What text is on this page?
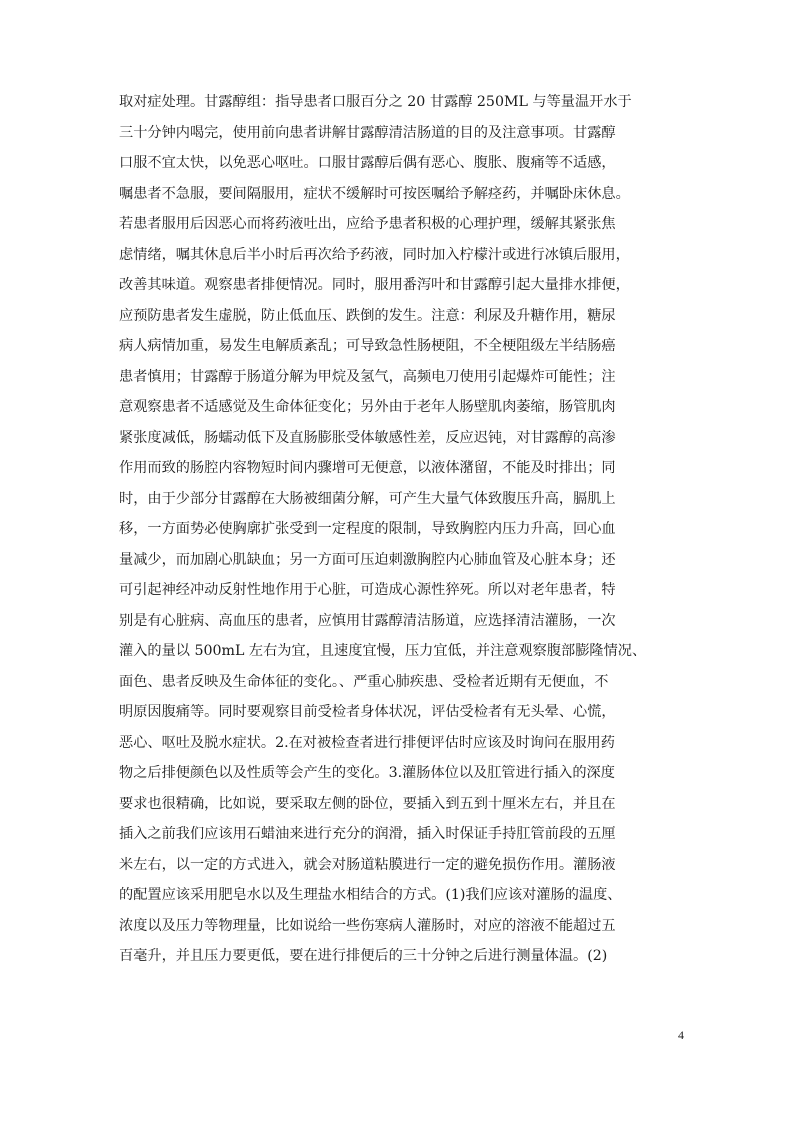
取对症处理。甘露醇组：指导患者口服百分之 20 甘露醇 250ML 与等量温开水于
三十分钟内喝完，使用前向患者讲解甘露醇清洁肠道的目的及注意事项。甘露醇
口服不宜太快，以免恶心呕吐。口服甘露醇后偶有恶心、腹胀、腹痛等不适感，
嘱患者不急服，要间隔服用，症状不缓解时可按医嘱给予解痉药，并嘱卧床休息。
若患者服用后因恶心而将药液吐出，应给予患者积极的心理护理，缓解其紧张焦
虑情绪，嘱其休息后半小时后再次给予药液，同时加入柠檬汁或进行冰镇后服用，
改善其味道。观察患者排便情况。同时，服用番泻叶和甘露醇引起大量排水排便，
应预防患者发生虚脱，防止低血压、跌倒的发生。注意：利尿及升糖作用，糖尿
病人病情加重，易发生电解质紊乱；可导致急性肠梗阻，不全梗阻级左半结肠癌
患者慎用；甘露醇于肠道分解为甲烷及氢气，高频电刀使用引起爆炸可能性；注
意观察患者不适感觉及生命体征变化；另外由于老年人肠壁肌肉萎缩，肠管肌肉
紧张度减低，肠蠕动低下及直肠膨胀受体敏感性差，反应迟钝，对甘露醇的高渗
作用而致的肠腔内容物短时间内骤增可无便意，以液体潴留，不能及时排出；同
时，由于少部分甘露醇在大肠被细菌分解，可产生大量气体致腹压升高，膈肌上
移，一方面势必使胸廓扩张受到一定程度的限制，导致胸腔内压力升高，回心血
量减少，而加剧心肌缺血；另一方面可压迫刺激胸腔内心肺血管及心脏本身；还
可引起神经冲动反射性地作用于心脏，可造成心源性猝死。所以对老年患者，特
别是有心脏病、高血压的患者，应慎用甘露醇清洁肠道，应选择清洁灌肠，一次
灌入的量以 500mL 左右为宜，且速度宜慢，压力宜低，并注意观察腹部膨隆情况、
面色、患者反映及生命体征的变化。、严重心肺疾患、受检者近期有无便血，不
明原因腹痛等。同时要观察目前受检者身体状况，评估受检者有无头晕、心慌，
恶心、呕吐及脱水症状。2.在对被检查者进行排便评估时应该及时询问在服用药
物之后排便颜色以及性质等会产生的变化。3.灌肠体位以及肛管进行插入的深度
要求也很精确，比如说，要采取左侧的卧位，要插入到五到十厘米左右，并且在
插入之前我们应该用石蜡油来进行充分的润滑，插入时保证手持肛管前段的五厘
米左右，以一定的方式进入，就会对肠道粘膜进行一定的避免损伤作用。灌肠液
的配置应该采用肥皂水以及生理盐水相结合的方式。(1)我们应该对灌肠的温度、
浓度以及压力等物理量，比如说给一些伤寒病人灌肠时，对应的溶液不能超过五
百毫升，并且压力要更低，要在进行排便后的三十分钟之后进行测量体温。(2)
4
